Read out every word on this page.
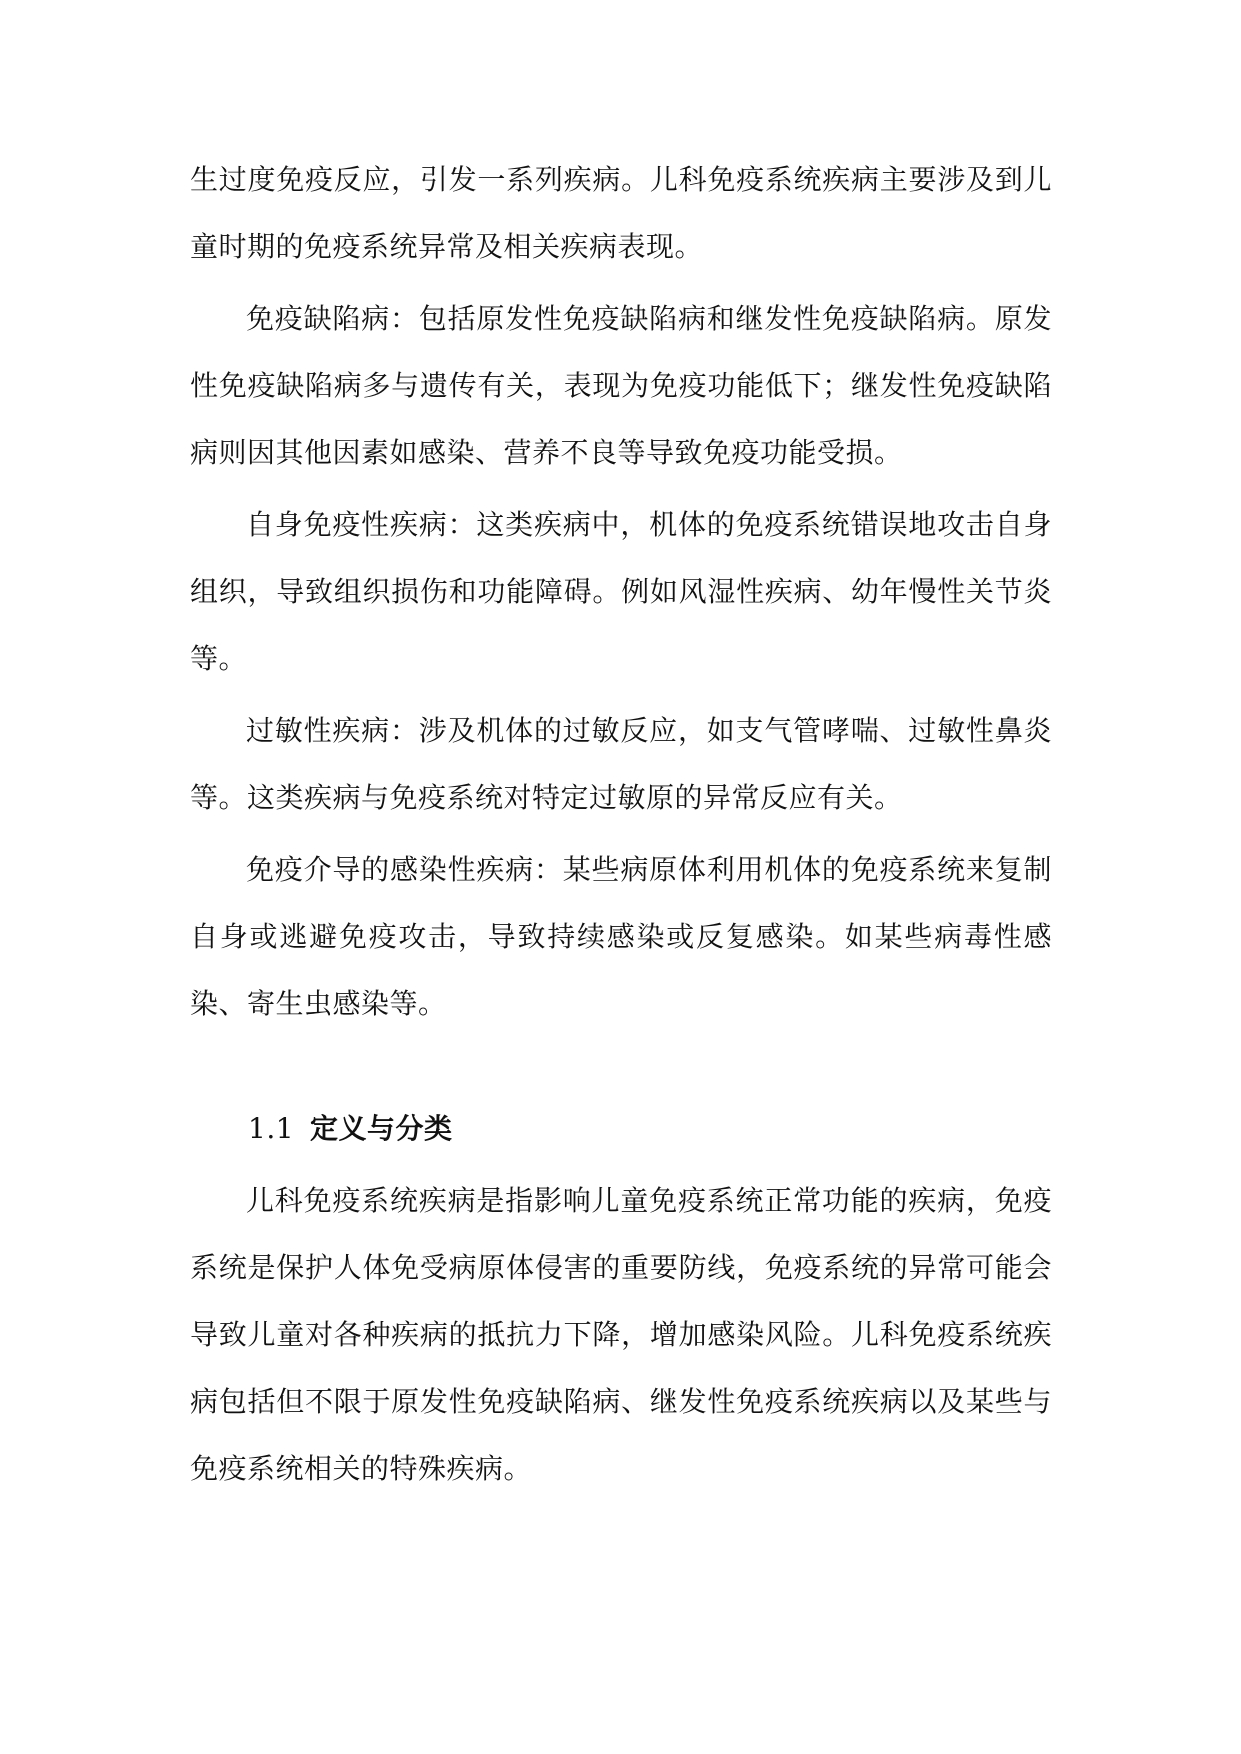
生过度免疫反应，引发一系列疾病。儿科免疫系统疾病主要涉及到儿童时期的免疫系统异常及相关疾病表现。

免疫缺陷病：包括原发性免疫缺陷病和继发性免疫缺陷病。原发性免疫缺陷病多与遗传有关，表现为免疫功能低下；继发性免疫缺陷病则因其他因素如感染、营养不良等导致免疫功能受损。

自身免疫性疾病：这类疾病中，机体的免疫系统错误地攻击自身组织，导致组织损伤和功能障碍。例如风湿性疾病、幼年慢性关节炎等。

过敏性疾病：涉及机体的过敏反应，如支气管哮喘、过敏性鼻炎等。这类疾病与免疫系统对特定过敏原的异常反应有关。

免疫介导的感染性疾病：某些病原体利用机体的免疫系统来复制自身或逃避免疫攻击，导致持续感染或反复感染。如某些病毒性感染、寄生虫感染等。

1.1 定义与分类

儿科免疫系统疾病是指影响儿童免疫系统正常功能的疾病，免疫系统是保护人体免受病原体侵害的重要防线，免疫系统的异常可能会导致儿童对各种疾病的抵抗力下降，增加感染风险。儿科免疫系统疾病包括但不限于原发性免疫缺陷病、继发性免疫系统疾病以及某些与免疫系统相关的特殊疾病。
